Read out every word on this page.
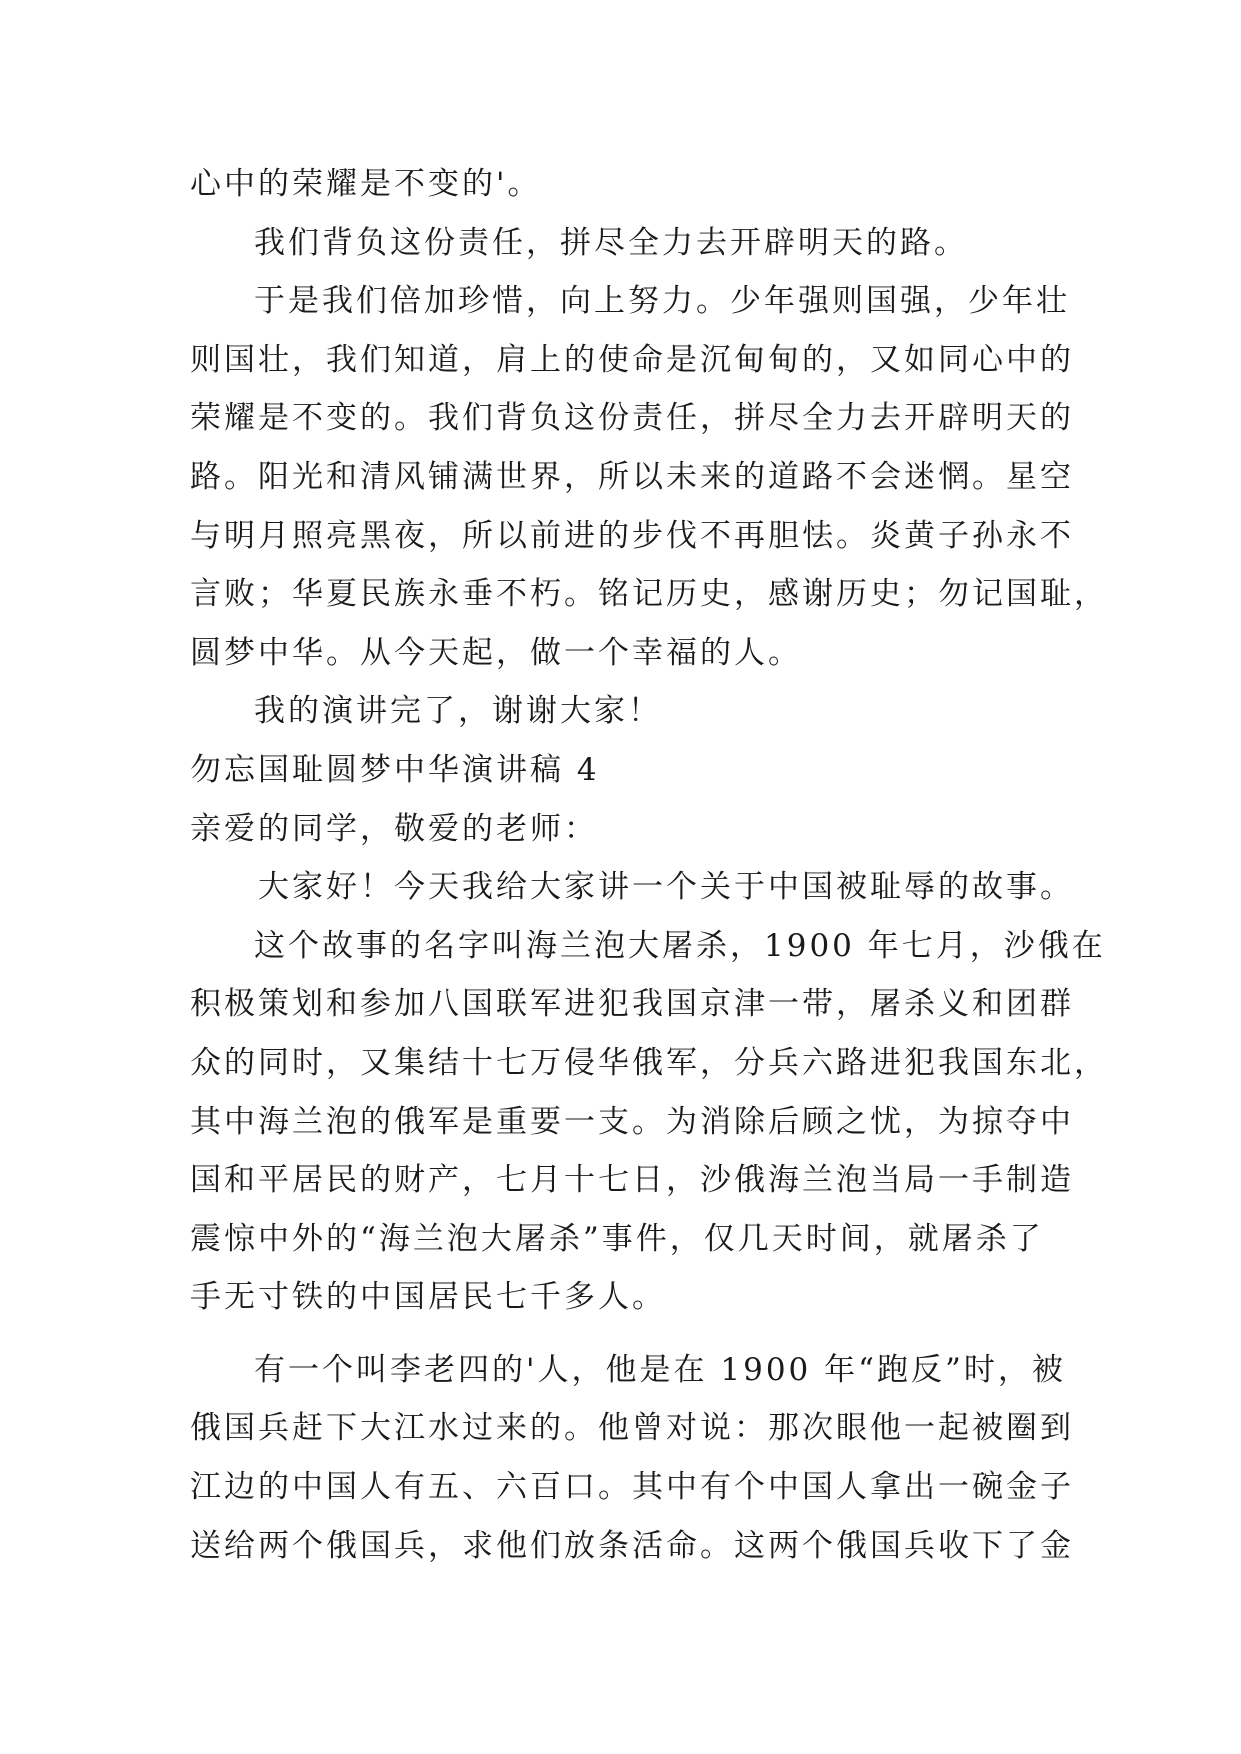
心中的荣耀是不变的'。
我们背负这份责任，拼尽全力去开辟明天的路。
于是我们倍加珍惜，向上努力。少年强则国强，少年壮
则国壮，我们知道，肩上的使命是沉甸甸的，又如同心中的
荣耀是不变的。我们背负这份责任，拼尽全力去开辟明天的
路。阳光和清风铺满世界，所以未来的道路不会迷惘。星空
与明月照亮黑夜，所以前进的步伐不再胆怯。炎黄子孙永不
言败；华夏民族永垂不朽。铭记历史，感谢历史；勿记国耻，
圆梦中华。从今天起，做一个幸福的人。
我的演讲完了，谢谢大家！
勿忘国耻圆梦中华演讲稿 4
亲爱的同学，敬爱的老师：
大家好！今天我给大家讲一个关于中国被耻辱的故事。
这个故事的名字叫海兰泡大屠杀，1900 年七月，沙俄在
积极策划和参加八国联军进犯我国京津一带，屠杀义和团群
众的同时，又集结十七万侵华俄军，分兵六路进犯我国东北，
其中海兰泡的俄军是重要一支。为消除后顾之忧，为掠夺中
国和平居民的财产，七月十七日，沙俄海兰泡当局一手制造
震惊中外的“海兰泡大屠杀”事件，仅几天时间，就屠杀了
手无寸铁的中国居民七千多人。
有一个叫李老四的'人，他是在 1900 年“跑反”时，被
俄国兵赶下大江水过来的。他曾对说：那次眼他一起被圈到
江边的中国人有五、六百口。其中有个中国人拿出一碗金子
送给两个俄国兵，求他们放条活命。这两个俄国兵收下了金
